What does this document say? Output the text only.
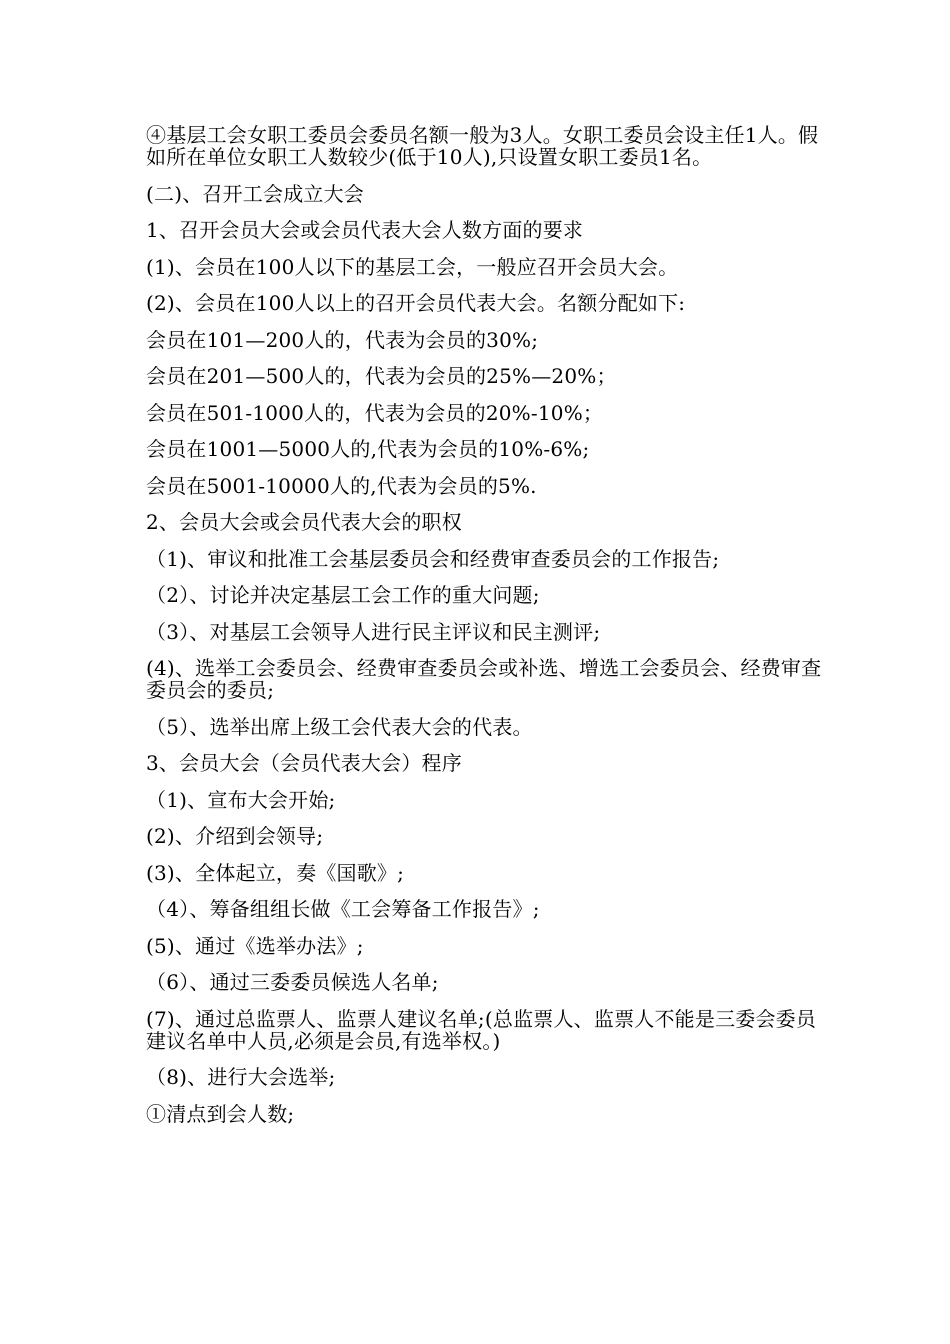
④基层工会女职工委员会委员名额一般为3人。女职工委员会设主任1人。假如所在单位女职工人数较少(低于10人),只设置女职工委员1名。

(二)、召开工会成立大会

1、召开会员大会或会员代表大会人数方面的要求

(1)、会员在100人以下的基层工会，一般应召开会员大会。

(2)、会员在100人以上的召开会员代表大会。名额分配如下:

会员在101—200人的，代表为会员的30%;

会员在201—500人的，代表为会员的25%—20%；

会员在501-1000人的，代表为会员的20%-10%；

会员在1001—5000人的,代表为会员的10%-6%;

会员在5001-10000人的,代表为会员的5%.

2、会员大会或会员代表大会的职权

（1)、审议和批准工会基层委员会和经费审查委员会的工作报告;

（2）、讨论并决定基层工会工作的重大问题;

（3）、对基层工会领导人进行民主评议和民主测评;

(4)、选举工会委员会、经费审查委员会或补选、增选工会委员会、经费审查委员会的委员;

（5）、选举出席上级工会代表大会的代表。

3、会员大会（会员代表大会）程序

（1)、宣布大会开始;

(2)、介绍到会领导;

(3)、全体起立，奏《国歌》;

（4）、筹备组组长做《工会筹备工作报告》;

(5)、通过《选举办法》;

（6）、通过三委委员候选人名单;

(7)、通过总监票人、监票人建议名单;(总监票人、监票人不能是三委会委员建议名单中人员,必须是会员,有选举权。)

（8)、进行大会选举;

①清点到会人数;
